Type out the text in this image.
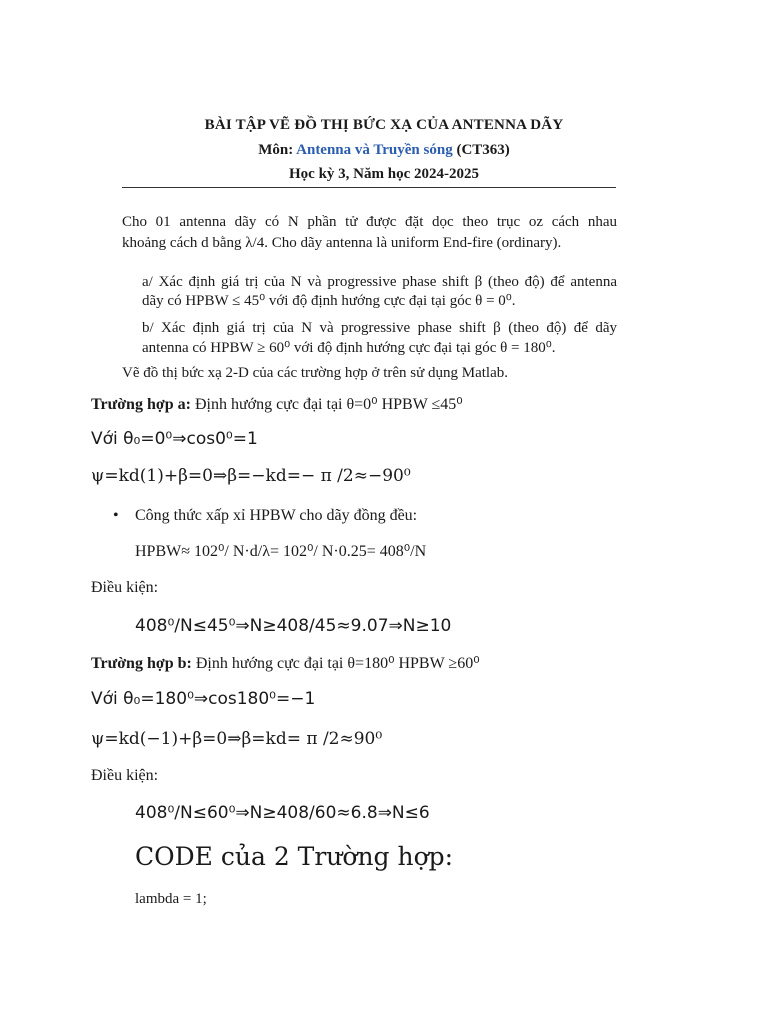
BÀI TẬP VẼ ĐỒ THỊ BỨC XẠ CỦA ANTENNA DÃY
Môn: Antenna và Truyền sóng (CT363)
Học kỳ 3, Năm học 2024-2025
Cho 01 antenna dãy có N phần tử được đặt dọc theo trục oz cách nhau
khoảng cách d bằng λ/4. Cho dãy antenna là uniform End-fire (ordinary).
a/ Xác định giá trị của N và progressive phase shift β (theo độ) để antenna
dãy có HPBW ≤ 45⁰ với độ định hướng cực đại tại góc θ = 0⁰.
b/ Xác định giá trị của N và progressive phase shift β (theo độ) để dãy
antenna có HPBW ≥ 60⁰ với độ định hướng cực đại tại góc θ = 180⁰.
Vẽ đồ thị bức xạ 2-D của các trường hợp ở trên sử dụng Matlab.
Trường hợp a: Định hướng cực đại tại θ=0⁰ HPBW ≤45⁰
Với θ₀=0⁰⇒cos0⁰=1
ψ=kd(1)+β=0⇒β=−kd=− π /2≈−90⁰
• Công thức xấp xỉ HPBW cho dãy đồng đều:
HPBW≈ 102⁰/ N·d/λ= 102⁰/ N·0.25= 408⁰/N
Điều kiện:
408⁰/N≤45⁰⇒N≥408/45≈9.07⇒N≥10
Trường hợp b: Định hướng cực đại tại θ=180⁰ HPBW ≥60⁰
Với θ₀=180⁰⇒cos180⁰=−1
ψ=kd(−1)+β=0⇒β=kd= π /2≈90⁰
Điều kiện:
408⁰/N≤60⁰⇒N≥408/60≈6.8⇒N≤6
CODE của 2 Trường hợp:
lambda = 1;
